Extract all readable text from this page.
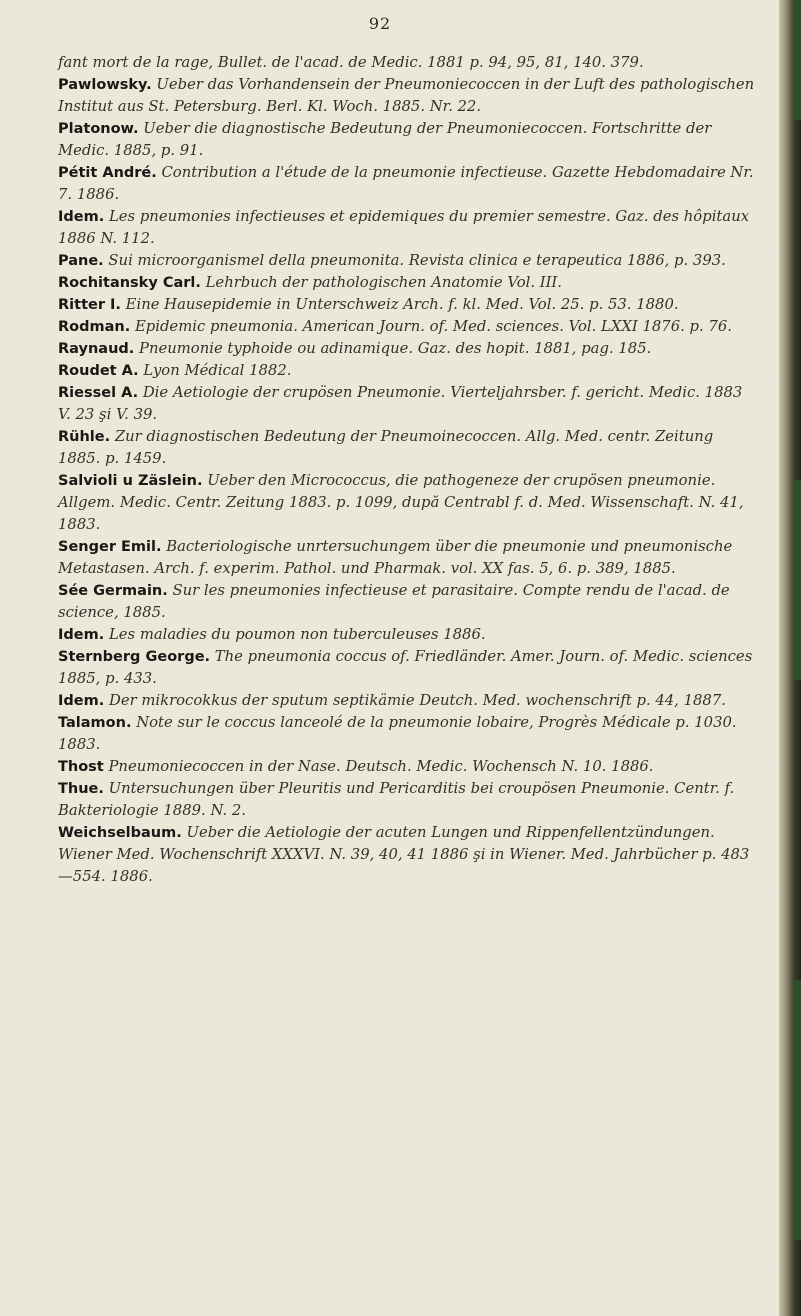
92

fant mort de la rage, Bullet. de l'acad. de Medic. 1881 p. 94, 95, 81, 140. 379.

Pawlowsky. Ueber das Vorhandensein der Pneumoniecoccen in der Luft des pathologischen Institut aus St. Petersburg. Berl. Kl. Woch. 1885. Nr. 22.

Platonow. Ueber die diagnostische Bedeutung der Pneumoniecoccen. Fortschritte der Medic. 1885, p. 91.

Pétit André. Contribution a l'étude de la pneumonie infectieuse. Gazette Hebdomadaire Nr. 7. 1886.

Idem. Les pneumonies infectieuses et epidemiques du premier semestre. Gaz. des hôpitaux 1886 N. 112.

Pane. Sui microorganismel della pneumonita. Revista clinica e terapeutica 1886, p. 393.

Rochitansky Carl. Lehrbuch der pathologischen Anatomie Vol. III.

Ritter I. Eine Hausepidemie in Unterschweiz Arch. f. kl. Med. Vol. 25. p. 53. 1880.

Rodman. Epidemic pneumonia. American Journ. of. Med. sciences. Vol. LXXI 1876. p. 76.

Raynaud. Pneumonie typhoide ou adinamique. Gaz. des hopit. 1881, pag. 185.

Roudet A. Lyon Médical 1882.

Riessel A. Die Aetiologie der crupösen Pneumonie. Vierteljahrsber. f. gericht. Medic. 1883 V. 23 şi V. 39.

Rühle. Zur diagnostischen Bedeutung der Pneumoinecoccen. Allg. Med. centr. Zeitung 1885. p. 1459.

Salvioli u Zäslein. Ueber den Micrococcus, die pathogeneze der crupösen pneumonie. Allgem. Medic. Centr. Zeitung 1883. p. 1099, după Centrabl f. d. Med. Wissenschaft. N. 41, 1883.

Senger Emil. Bacteriologische unrtersuchungem über die pneumonie und pneumonische Metastasen. Arch. f. experim. Pathol. und Pharmak. vol. XX fas. 5, 6. p. 389, 1885.

Sée Germain. Sur les pneumonies infectieuse et parasitaire. Compte rendu de l'acad. de science, 1885.

Idem. Les maladies du poumon non tuberculeuses 1886.

Sternberg George. The pneumonia coccus of. Friedländer. Amer. Journ. of. Medic. sciences 1885, p. 433.

Idem. Der mikrocokkus der sputum septikämie Deutch. Med. wochenschrift p. 44, 1887.

Talamon. Note sur le coccus lanceolé de la pneumonie lobaire, Progrès Médicale p. 1030. 1883.

Thost Pneumoniecoccen in der Nase. Deutsch. Medic. Wochensch N. 10. 1886.

Thue. Untersuchungen über Pleuritis und Pericarditis bei croupösen Pneumonie. Centr. f. Bakteriologie 1889. N. 2.

Weichselbaum. Ueber die Aetiologie der acuten Lungen und Rippenfellentzündungen. Wiener Med. Wochenschrift XXXVI. N. 39, 40, 41 1886 şi in Wiener. Med. Jahrbücher p. 483—554. 1886.
